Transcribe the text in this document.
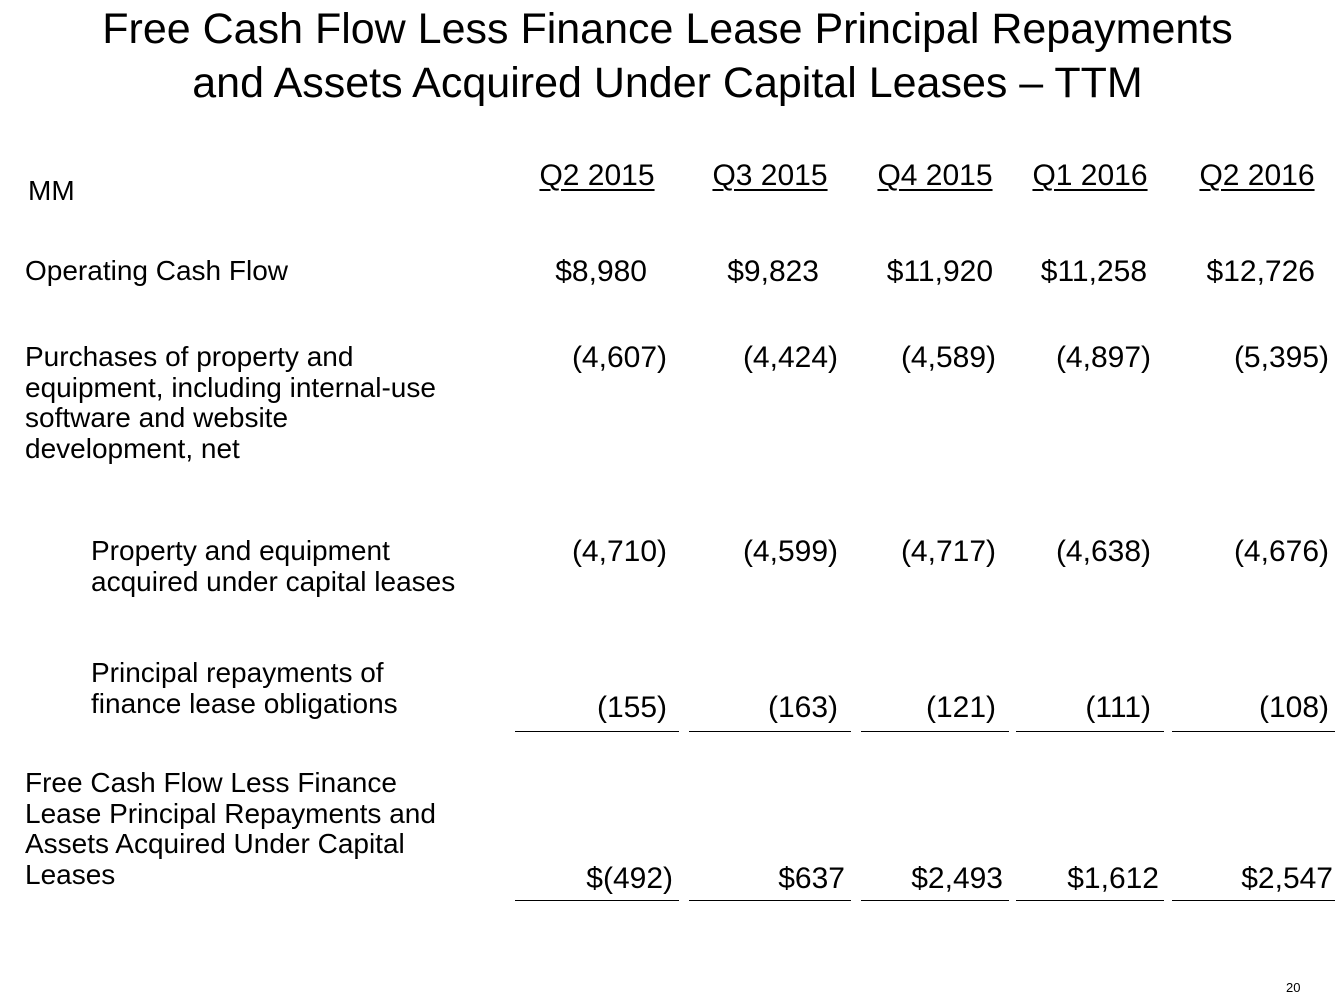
Free Cash Flow Less Finance Lease Principal Repayments
and Assets Acquired Under Capital Leases – TTM
MM	Q2 2015	Q3 2015	Q4 2015	Q1 2016	Q2 2016
Operating Cash Flow	$8,980	$9,823 $11,920 $11,258 $12,726
Purchases of property and
equipment, including internal-use
software and website
development, net
(4,607)	(4,424) (4,589) (4,897)	(5,395)
Property and equipment
acquired under capital leases
(4,710)	(4,599) (4,717) (4,638)	(4,676)
Principal repayments of
finance lease obligations	(155)	(163)	(121)	(111)	(108)
Free Cash Flow Less Finance
Lease Principal Repayments and
Assets Acquired Under Capital
Leases	$(492)	$637 $2,493 $1,612	$2,547
20
